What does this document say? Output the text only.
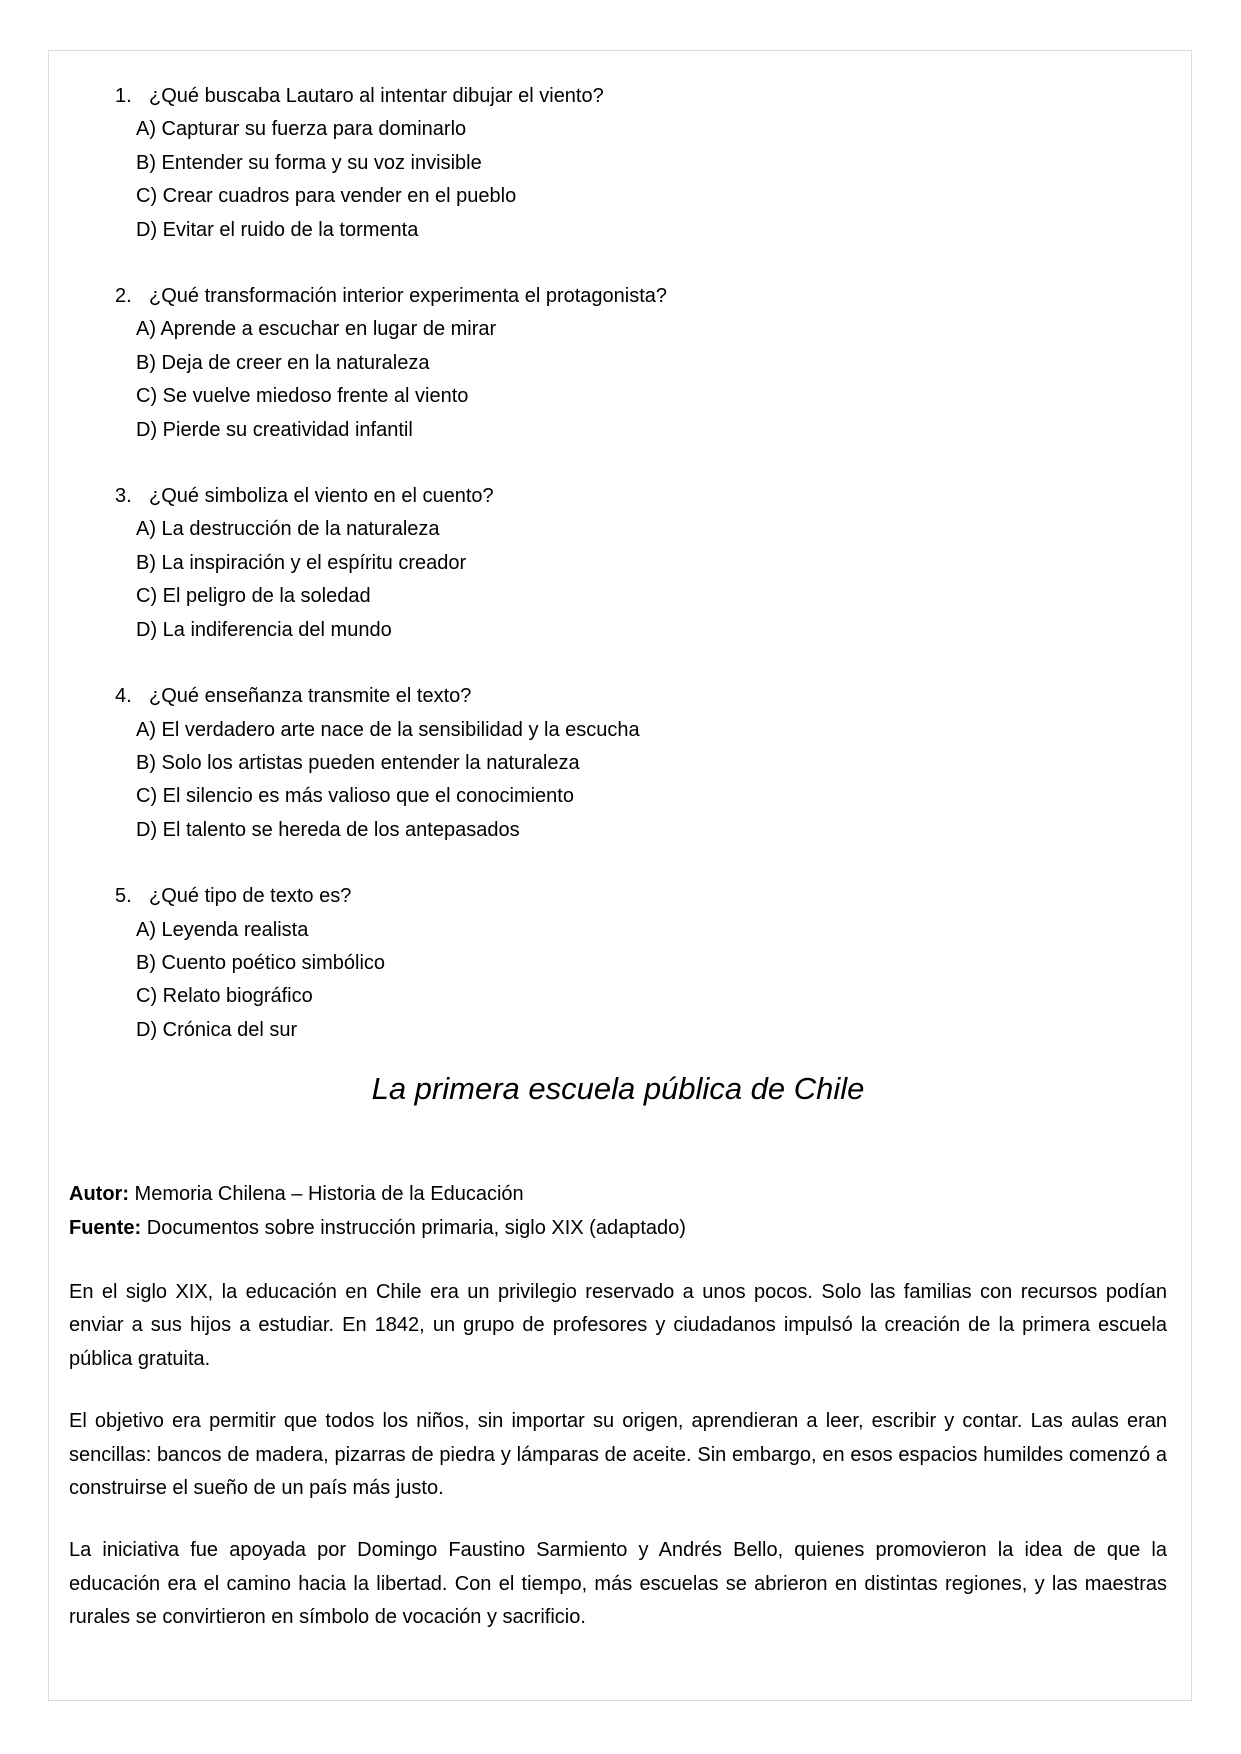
1. ¿Qué buscaba Lautaro al intentar dibujar el viento?
A) Capturar su fuerza para dominarlo
B) Entender su forma y su voz invisible
C) Crear cuadros para vender en el pueblo
D) Evitar el ruido de la tormenta
2. ¿Qué transformación interior experimenta el protagonista?
A) Aprende a escuchar en lugar de mirar
B) Deja de creer en la naturaleza
C) Se vuelve miedoso frente al viento
D) Pierde su creatividad infantil
3. ¿Qué simboliza el viento en el cuento?
A) La destrucción de la naturaleza
B) La inspiración y el espíritu creador
C) El peligro de la soledad
D) La indiferencia del mundo
4. ¿Qué enseñanza transmite el texto?
A) El verdadero arte nace de la sensibilidad y la escucha
B) Solo los artistas pueden entender la naturaleza
C) El silencio es más valioso que el conocimiento
D) El talento se hereda de los antepasados
5. ¿Qué tipo de texto es?
A) Leyenda realista
B) Cuento poético simbólico
C) Relato biográfico
D) Crónica del sur
La primera escuela pública de Chile
Autor: Memoria Chilena – Historia de la Educación
Fuente: Documentos sobre instrucción primaria, siglo XIX (adaptado)

En el siglo XIX, la educación en Chile era un privilegio reservado a unos pocos. Solo las familias con recursos podían enviar a sus hijos a estudiar. En 1842, un grupo de profesores y ciudadanos impulsó la creación de la primera escuela pública gratuita.

El objetivo era permitir que todos los niños, sin importar su origen, aprendieran a leer, escribir y contar. Las aulas eran sencillas: bancos de madera, pizarras de piedra y lámparas de aceite. Sin embargo, en esos espacios humildes comenzó a construirse el sueño de un país más justo.

La iniciativa fue apoyada por Domingo Faustino Sarmiento y Andrés Bello, quienes promovieron la idea de que la educación era el camino hacia la libertad. Con el tiempo, más escuelas se abrieron en distintas regiones, y las maestras rurales se convirtieron en símbolo de vocación y sacrificio.
